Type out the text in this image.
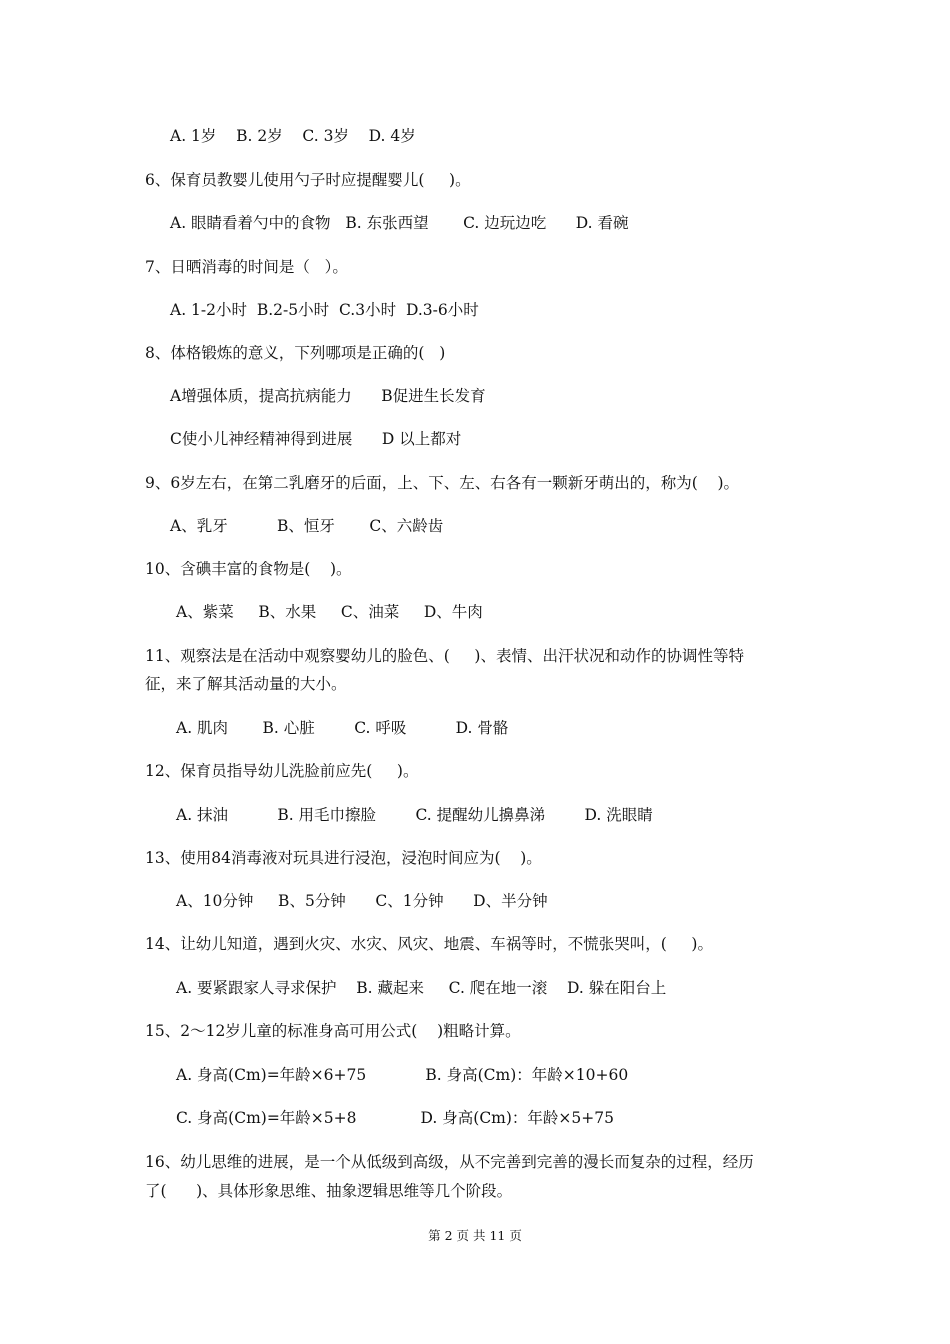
A. 1岁    B. 2岁    C. 3岁    D. 4岁
6、保育员教婴儿使用勺子时应提醒婴儿(     )。
A. 眼睛看着勺中的食物   B. 东张西望       C. 边玩边吃      D. 看碗
7、日晒消毒的时间是（   ）。
A. 1-2小时  B.2-5小时  C.3小时  D.3-6小时
8、体格锻炼的意义，下列哪项是正确的(   )
A增强体质，提高抗病能力      B促进生长发育
C使小儿神经精神得到进展      D 以上都对
9、6岁左右，在第二乳磨牙的后面，上、下、左、右各有一颗新牙萌出的，称为(    )。
A、乳牙          B、恒牙       C、六龄齿
10、含碘丰富的食物是(    )。
A、紫菜     B、水果     C、油菜     D、牛肉
11、观察法是在活动中观察婴幼儿的脸色、(     )、表情、出汗状况和动作的协调性等特
征，来了解其活动量的大小。
A. 肌肉       B. 心脏        C. 呼吸          D. 骨骼
12、保育员指导幼儿洗脸前应先(     )。
A. 抹油          B. 用毛巾擦脸        C. 提醒幼儿擤鼻涕        D. 洗眼睛
13、使用84消毒液对玩具进行浸泡，浸泡时间应为(    )。
A、10分钟     B、5分钟      C、1分钟      D、半分钟
14、让幼儿知道，遇到火灾、水灾、风灾、地震、车祸等时，不慌张哭叫，(     )。
A. 要紧跟家人寻求保护    B. 藏起来     C. 爬在地一滚    D. 躲在阳台上
15、2～12岁儿童的标准身高可用公式(    )粗略计算。
A. 身高(Cm)=年龄×6+75            B. 身高(Cm)：年龄×10+60
C. 身高(Cm)=年龄×5+8             D. 身高(Cm)：年龄×5+75
16、幼儿思维的进展，是一个从低级到高级，从不完善到完善的漫长而复杂的过程，经历
了(      )、具体形象思维、抽象逻辑思维等几个阶段。
第 2 页 共 11 页
